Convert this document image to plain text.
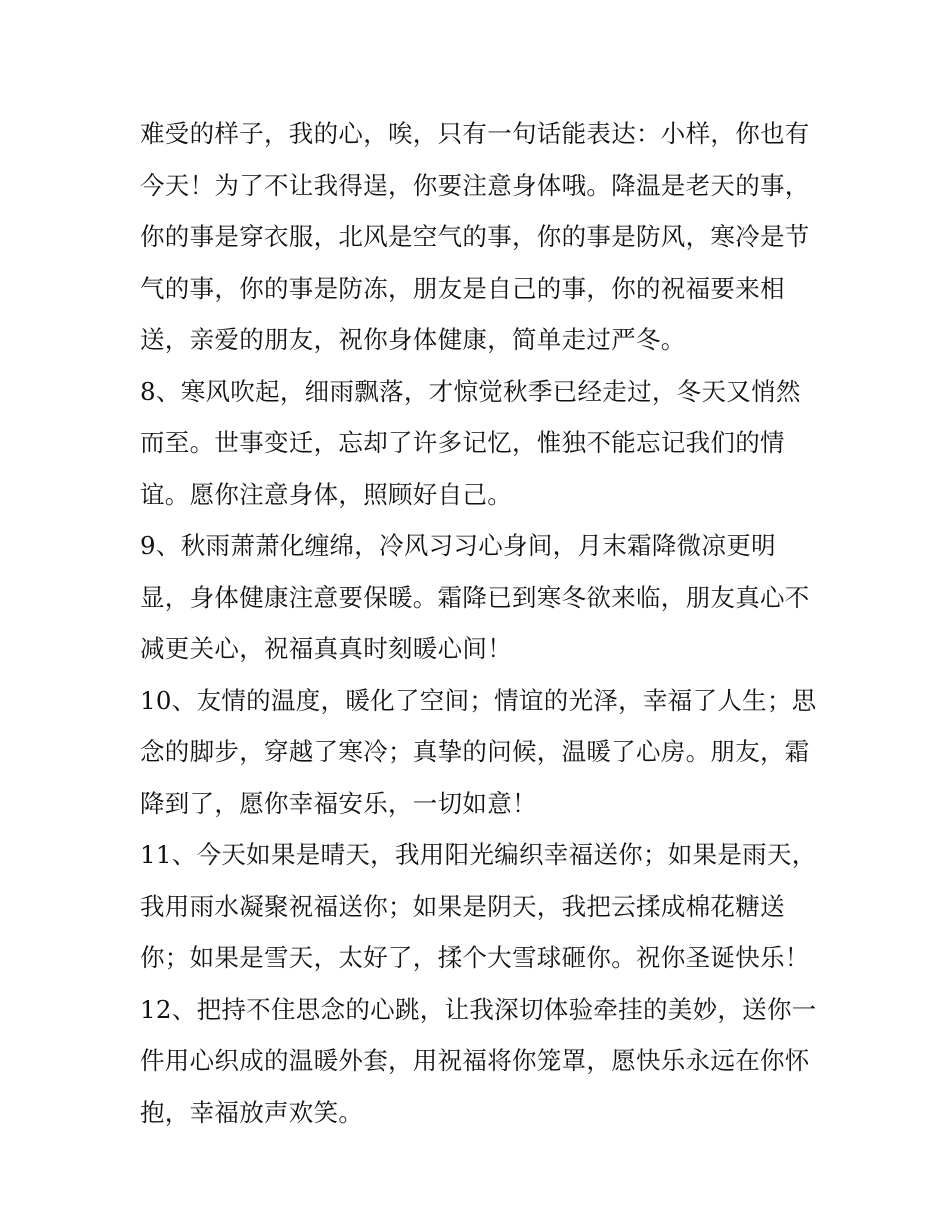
难受的样子，我的心，唉，只有一句话能表达：小样，你也有
今天！为了不让我得逞，你要注意身体哦。降温是老天的事，
你的事是穿衣服，北风是空气的事，你的事是防风，寒冷是节
气的事，你的事是防冻，朋友是自己的事，你的祝福要来相
送，亲爱的朋友，祝你身体健康，简单走过严冬。
8、寒风吹起，细雨飘落，才惊觉秋季已经走过，冬天又悄然
而至。世事变迁，忘却了许多记忆，惟独不能忘记我们的情
谊。愿你注意身体，照顾好自己。
9、秋雨萧萧化缠绵，冷风习习心身间，月末霜降微凉更明
显，身体健康注意要保暖。霜降已到寒冬欲来临，朋友真心不
减更关心，祝福真真时刻暖心间！
10、友情的温度，暖化了空间；情谊的光泽，幸福了人生；思
念的脚步，穿越了寒冷；真挚的问候，温暖了心房。朋友，霜
降到了，愿你幸福安乐，一切如意！
11、今天如果是晴天，我用阳光编织幸福送你；如果是雨天，
我用雨水凝聚祝福送你；如果是阴天，我把云揉成棉花糖送
你；如果是雪天，太好了，揉个大雪球砸你。祝你圣诞快乐！
12、把持不住思念的心跳，让我深切体验牵挂的美妙，送你一
件用心织成的温暖外套，用祝福将你笼罩，愿快乐永远在你怀
抱，幸福放声欢笑。
